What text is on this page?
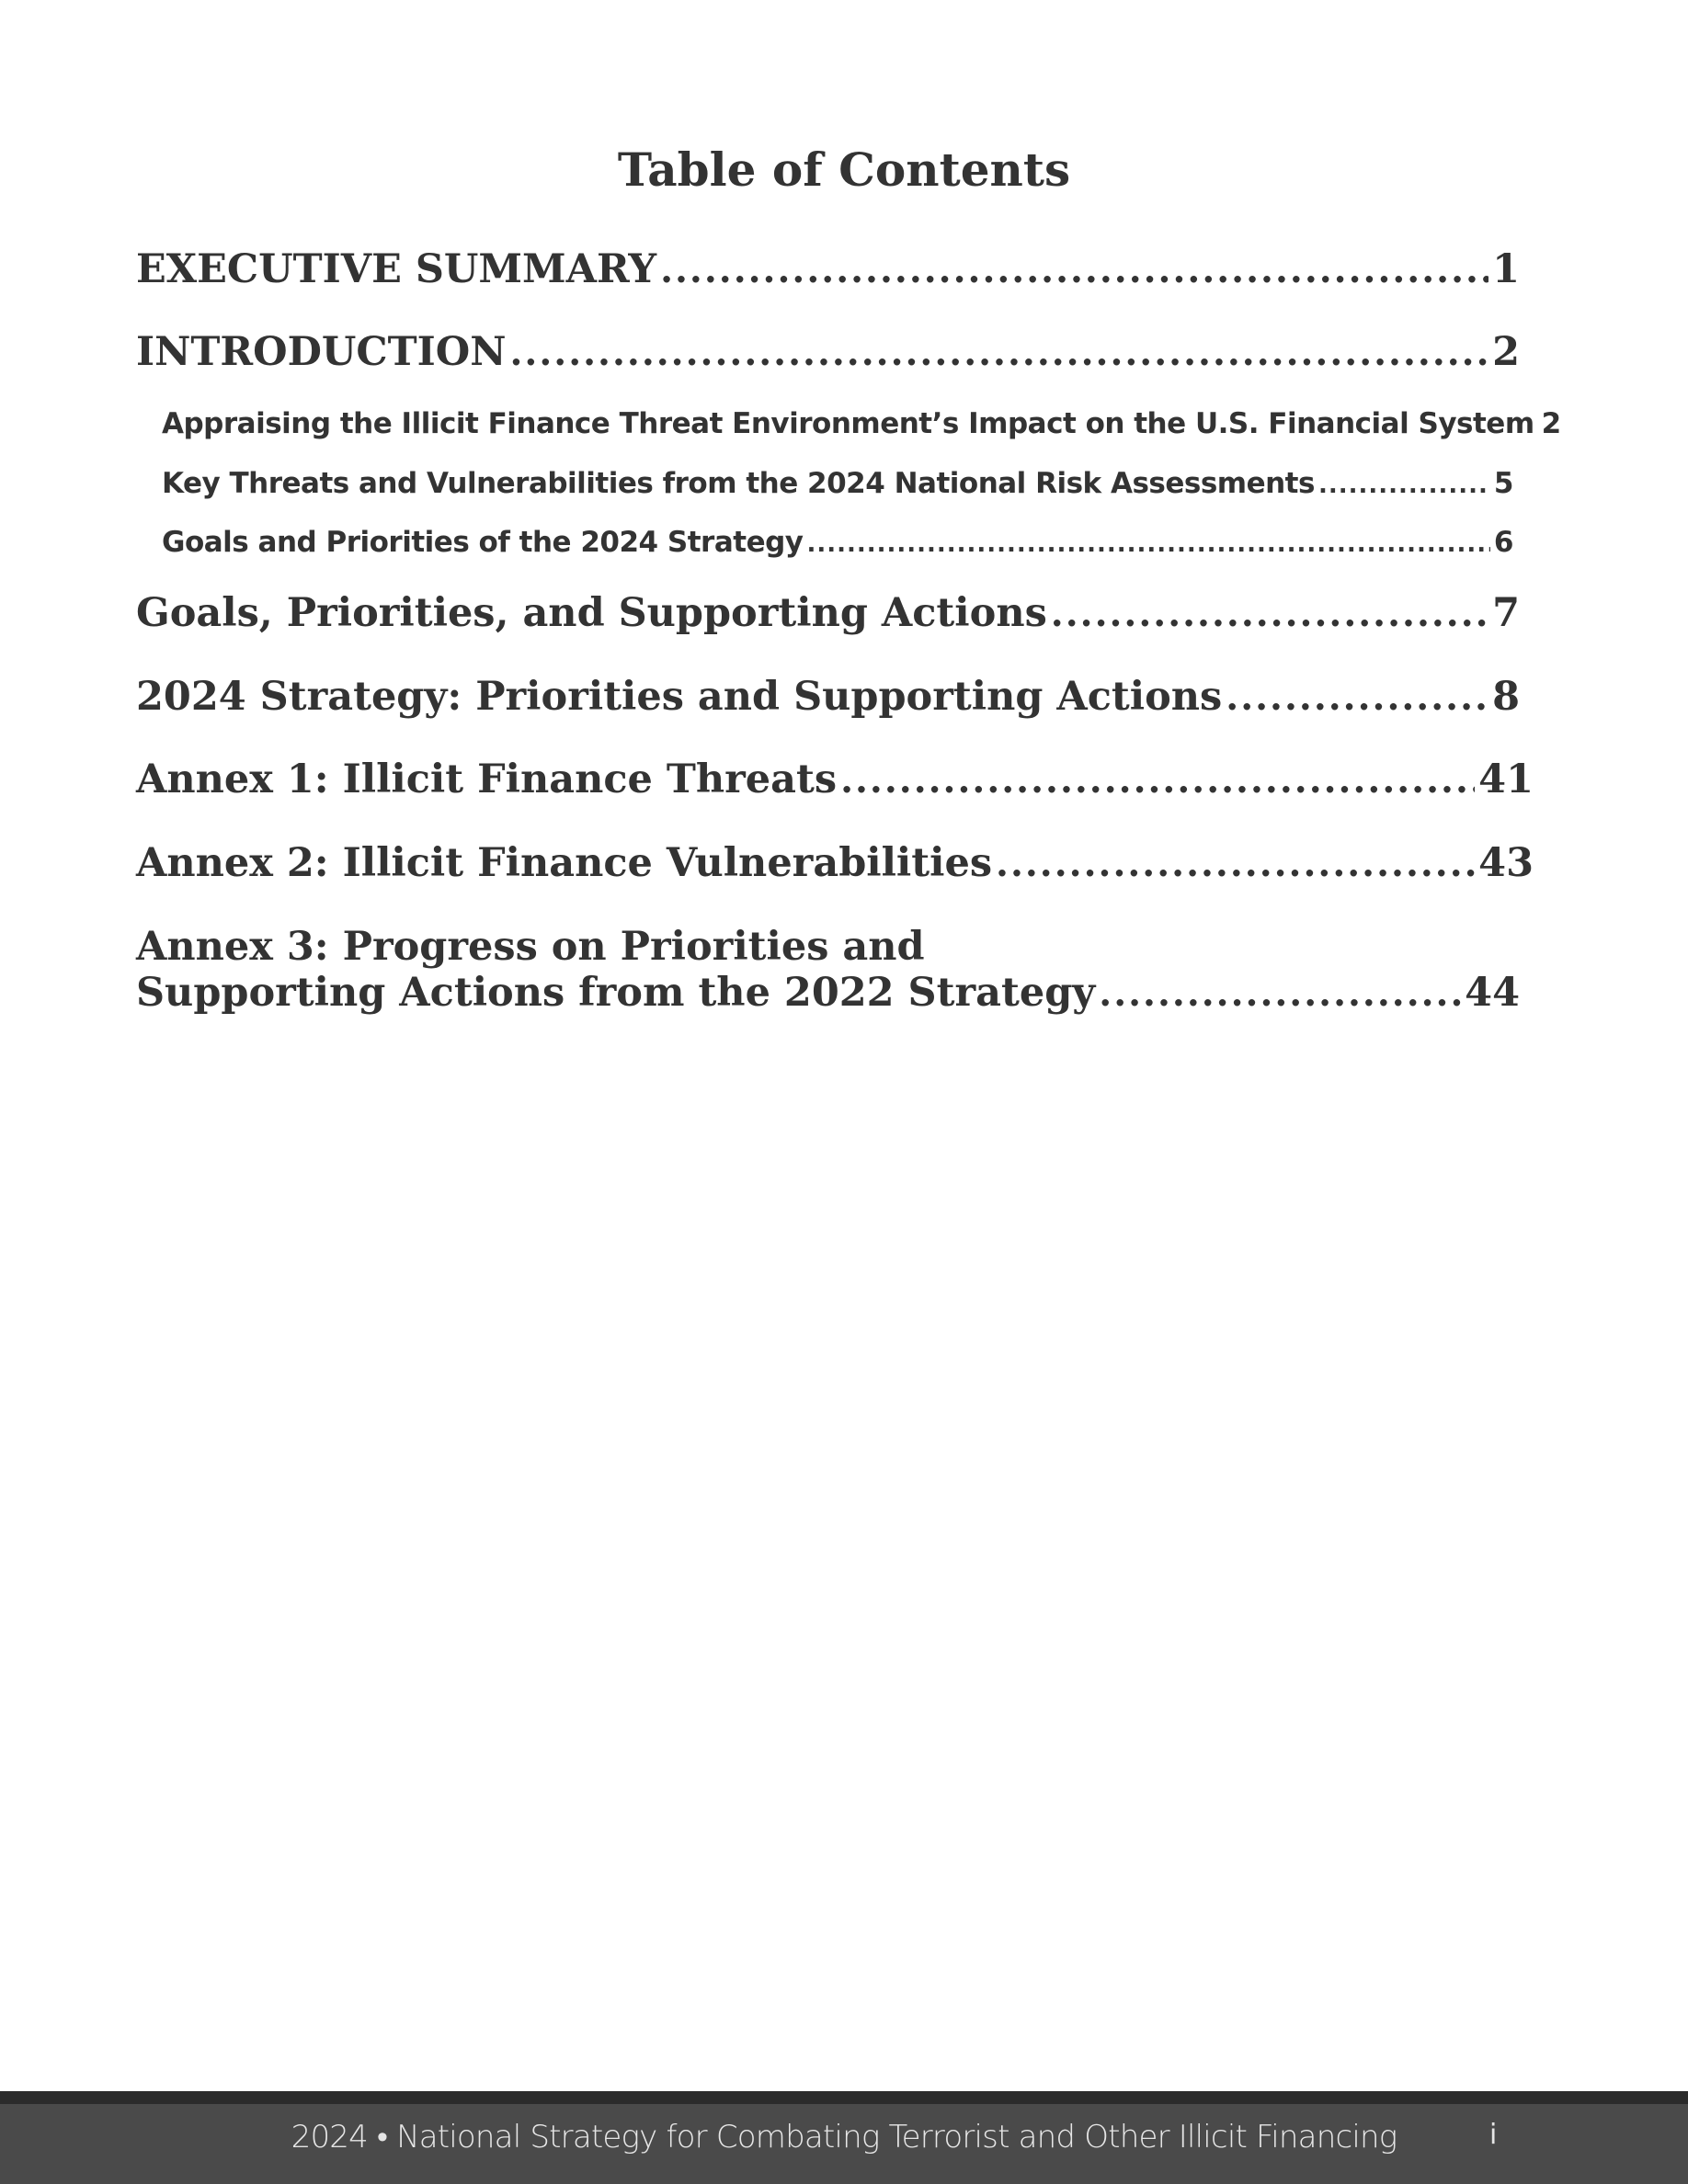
Table of Contents
EXECUTIVE SUMMARY .....	1
INTRODUCTION .....	2
Appraising the Illicit Finance Threat Environment’s Impact on the U.S. Financial System 2
Key Threats and Vulnerabilities from the 2024 National Risk Assessments .....	5
Goals and Priorities of the 2024 Strategy .....	6
Goals, Priorities, and Supporting Actions .....	7
2024 Strategy: Priorities and Supporting Actions .....	8
Annex 1: Illicit Finance Threats .....	41
Annex 2: Illicit Finance Vulnerabilities .....	43
Annex 3: Progress on Priorities and
Supporting Actions from the 2022 Strategy .....	44
2024 • National Strategy for Combating Terrorist and Other Illicit Financing	i
